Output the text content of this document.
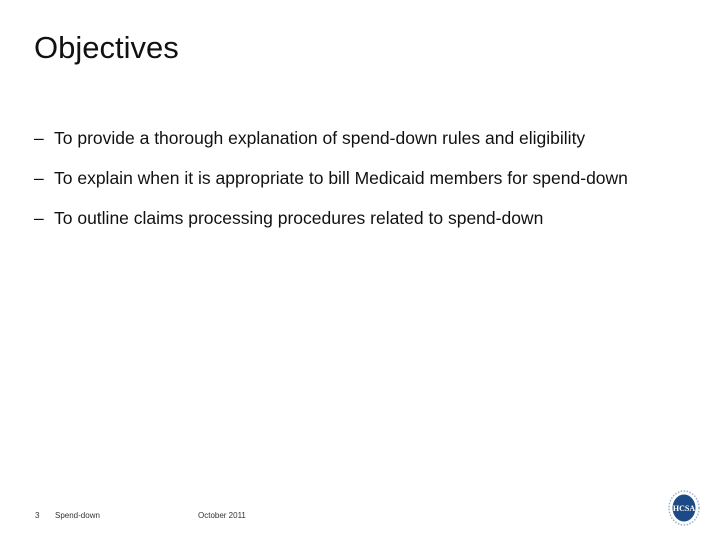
Objectives
– To provide a thorough explanation of spend-down rules and eligibility
– To explain when it is appropriate to bill Medicaid members for spend-down
– To outline claims processing procedures related to spend-down
3 Spend-down	October 2011
HCSA
